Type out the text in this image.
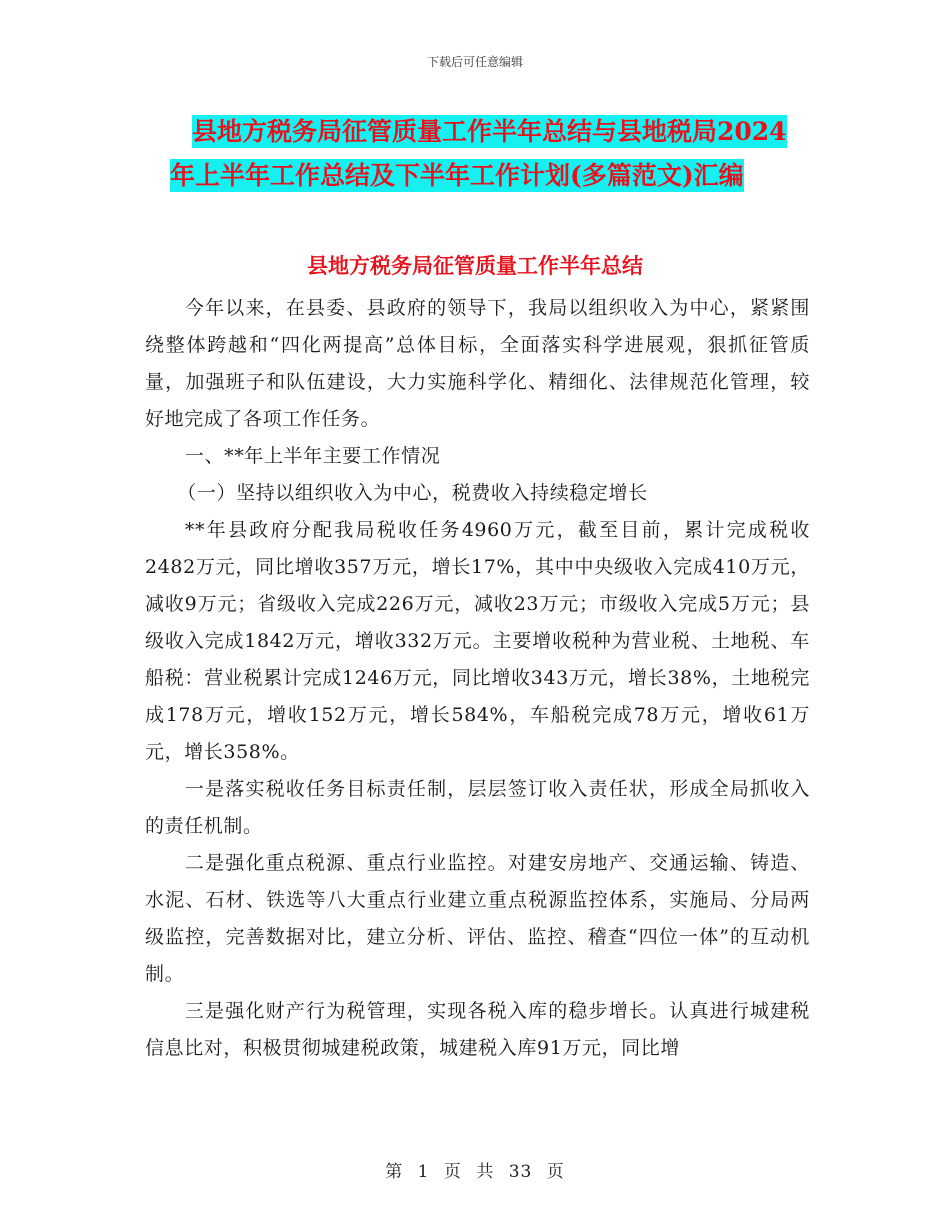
下载后可任意编辑
县地方税务局征管质量工作半年总结与县地税局2024
年上半年工作总结及下半年工作计划(多篇范文)汇编
县地方税务局征管质量工作半年总结

今年以来，在县委、县政府的领导下，我局以组织收入为中心，紧紧围绕整体跨越和“四化两提高”总体目标，全面落实科学进展观，狠抓征管质量，加强班子和队伍建设，大力实施科学化、精细化、法律规范化管理，较好地完成了各项工作任务。

一、**年上半年主要工作情况

（一）坚持以组织收入为中心，税费收入持续稳定增长

**年县政府分配我局税收任务4960万元，截至目前，累计完成税收2482万元，同比增收357万元，增长17%，其中中央级收入完成410万元，减收9万元；省级收入完成226万元，减收23万元；市级收入完成5万元；县级收入完成1842万元，增收332万元。主要增收税种为营业税、土地税、车船税：营业税累计完成1246万元，同比增收343万元，增长38%，土地税完成178万元，增收152万元，增长584%，车船税完成78万元，增收61万元，增长358%。

一是落实税收任务目标责任制，层层签订收入责任状，形成全局抓收入的责任机制。

二是强化重点税源、重点行业监控。对建安房地产、交通运输、铸造、水泥、石材、铁选等八大重点行业建立重点税源监控体系，实施局、分局两级监控，完善数据对比，建立分析、评估、监控、稽查“四位一体”的互动机制。

三是强化财产行为税管理，实现各税入库的稳步增长。认真进行城建税信息比对，积极贯彻城建税政策，城建税入库91万元，同比增

第 1 页 共 33 页
